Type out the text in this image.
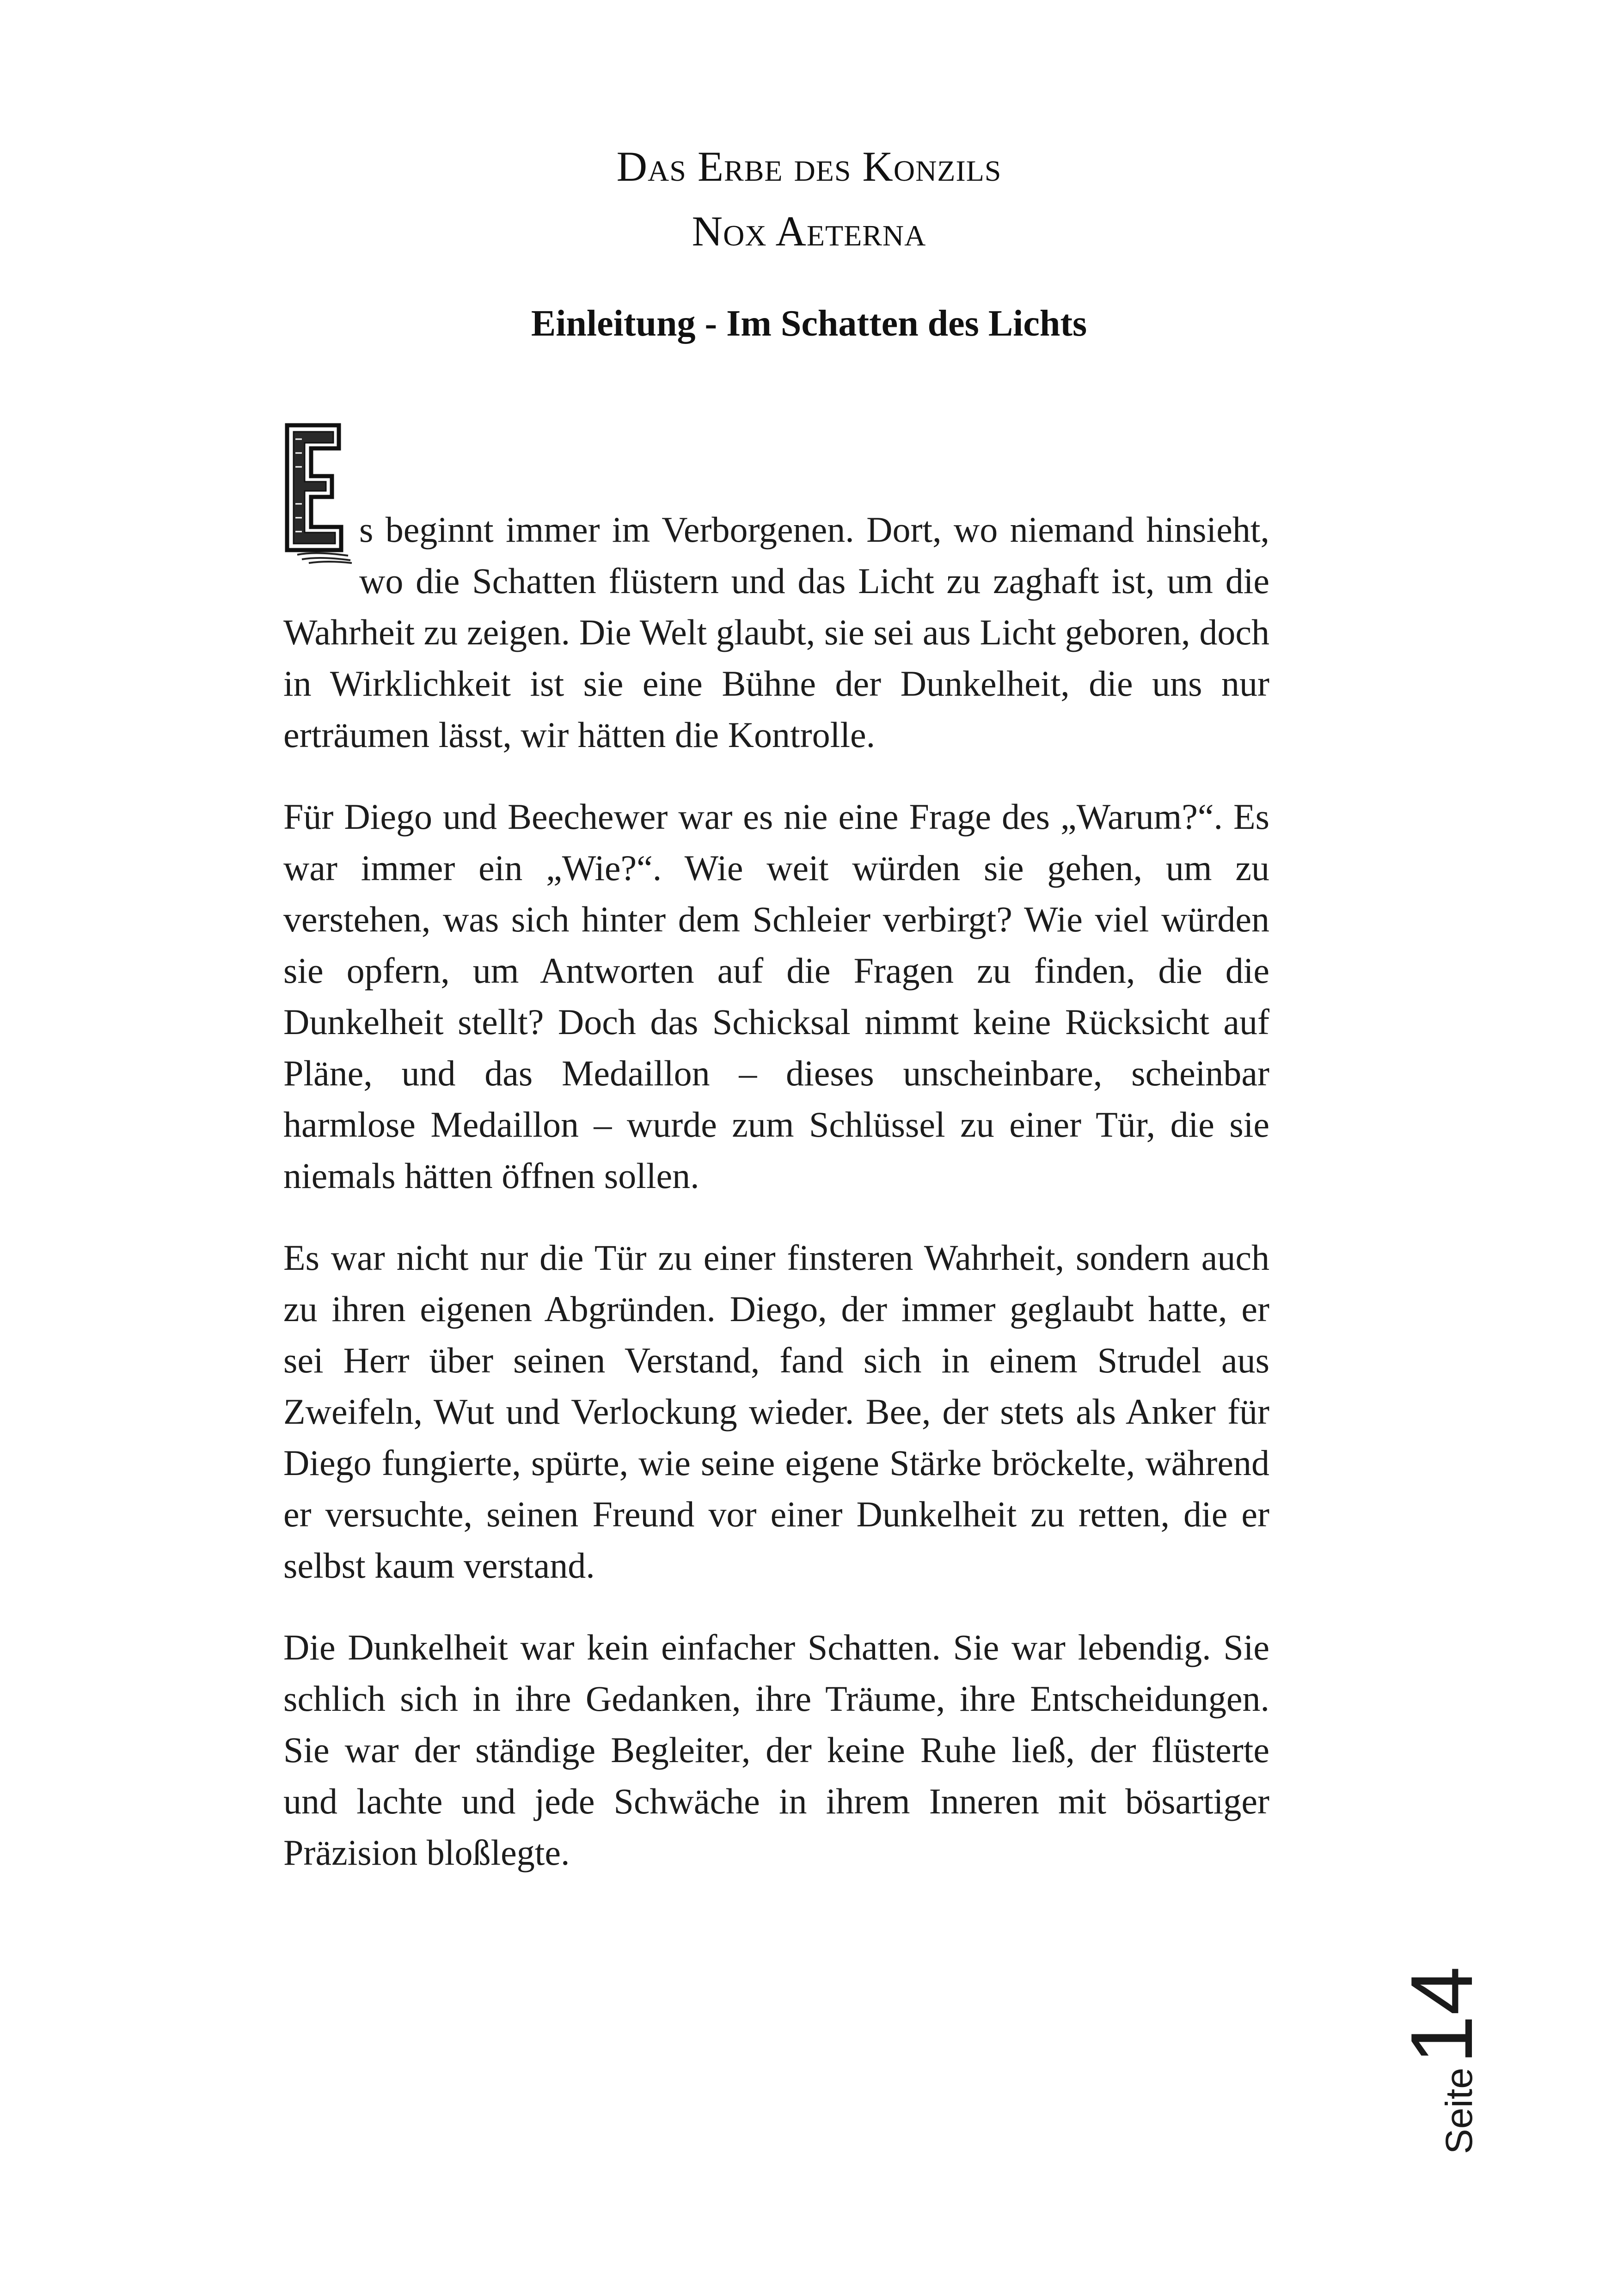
Das Erbe des Konzils
Nox Aeterna
Einleitung - Im Schatten des Lichts

s beginnt immer im Verborgenen. Dort, wo niemand hinsieht, wo die Schatten flüstern und das Licht zu zaghaft ist, um die Wahrheit zu zeigen. Die Welt glaubt, sie sei aus Licht geboren, doch in Wirklichkeit ist sie eine Bühne der Dunkelheit, die uns nur erträumen lässt, wir hätten die Kontrolle.

Für Diego und Beechewer war es nie eine Frage des „Warum?“. Es war immer ein „Wie?“. Wie weit würden sie gehen, um zu verstehen, was sich hinter dem Schleier verbirgt? Wie viel würden sie opfern, um Antworten auf die Fragen zu finden, die die Dunkelheit stellt? Doch das Schicksal nimmt keine Rücksicht auf Pläne, und das Medaillon – dieses unscheinbare, scheinbar harmlose Medaillon – wurde zum Schlüssel zu einer Tür, die sie niemals hätten öffnen sollen.

Es war nicht nur die Tür zu einer finsteren Wahrheit, sondern auch zu ihren eigenen Abgründen. Diego, der immer geglaubt hatte, er sei Herr über seinen Verstand, fand sich in einem Strudel aus Zweifeln, Wut und Verlockung wieder. Bee, der stets als Anker für Diego fungierte, spürte, wie seine eigene Stärke bröckelte, während er versuchte, seinen Freund vor einer Dunkelheit zu retten, die er selbst kaum verstand.

Die Dunkelheit war kein einfacher Schatten. Sie war lebendig. Sie schlich sich in ihre Gedanken, ihre Träume, ihre Entscheidungen. Sie war der ständige Begleiter, der keine Ruhe ließ, der flüsterte und lachte und jede Schwäche in ihrem Inneren mit bösartiger Präzision bloßlegte.

Seite14
